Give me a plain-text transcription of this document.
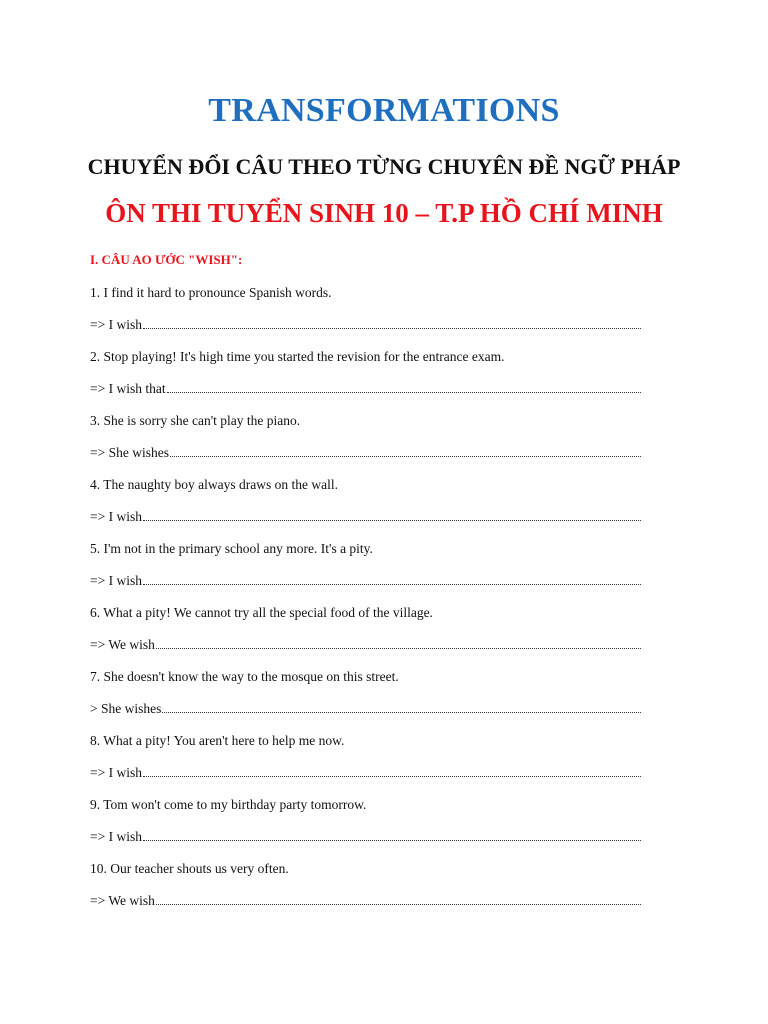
TRANSFORMATIONS
CHUYỂN ĐỔI CÂU THEO TỪNG CHUYÊN ĐỀ NGỮ PHÁP
ÔN THI TUYỂN SINH 10 – T.P HỒ CHÍ MINH
I. CÂU AO ƯỚC "WISH":
1. I find it hard to pronounce Spanish words.
=> I wish
2. Stop playing! It's high time you started the revision for the entrance exam.
=> I wish that
3. She is sorry she can't play the piano.
=> She wishes
4. The naughty boy always draws on the wall.
=> I wish
5. I'm not in the primary school any more. It's a pity.
=> I wish
6. What a pity! We cannot try all the special food of the village.
=> We wish
7. She doesn't know the way to the mosque on this street.
> She wishes
8. What a pity! You aren't here to help me now.
=> I wish
9. Tom won't come to my birthday party tomorrow.
=> I wish
10. Our teacher shouts us very often.
=> We wish
